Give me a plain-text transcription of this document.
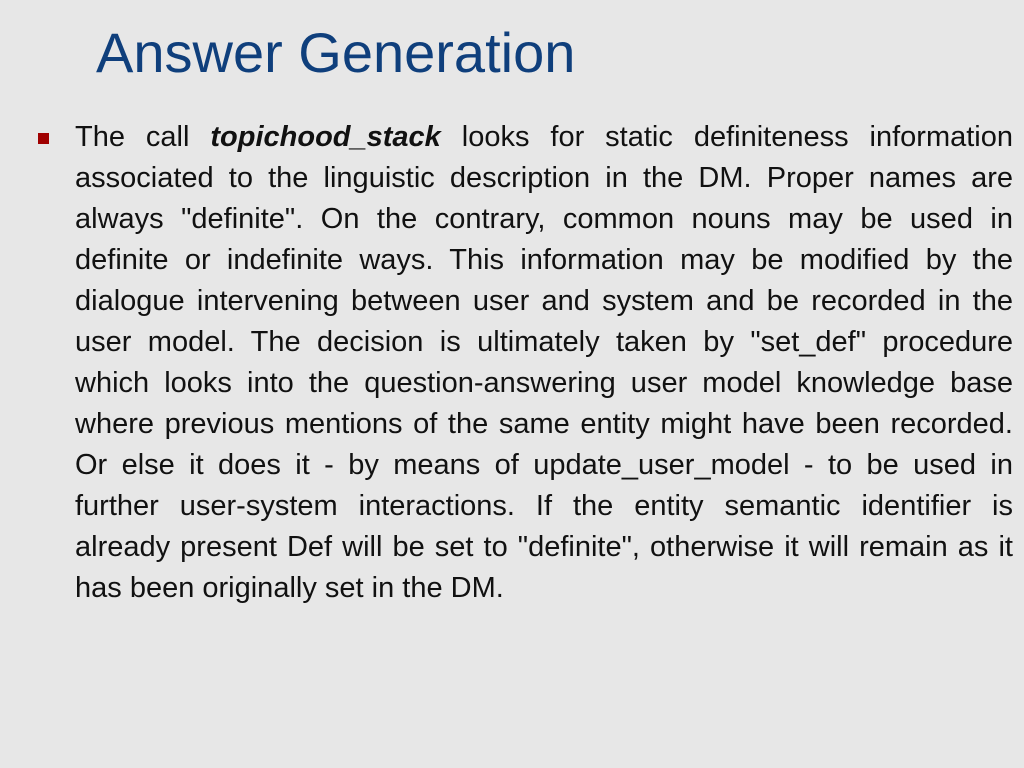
Answer Generation

The call topichood_stack looks for static definiteness information associated to the linguistic description in the DM. Proper names are always "definite". On the contrary, common nouns may be used in definite or indefinite ways. This information may be modified by the dialogue intervening between user and system and be recorded in the user model. The decision is ultimately taken by "set_def" procedure which looks into the question-answering user model knowledge base where previous mentions of the same entity might have been recorded. Or else it does it - by means of update_user_model - to be used in further user-system interactions. If the entity semantic identifier is already present Def will be set to "definite", otherwise it will remain as it has been originally set in the DM.
